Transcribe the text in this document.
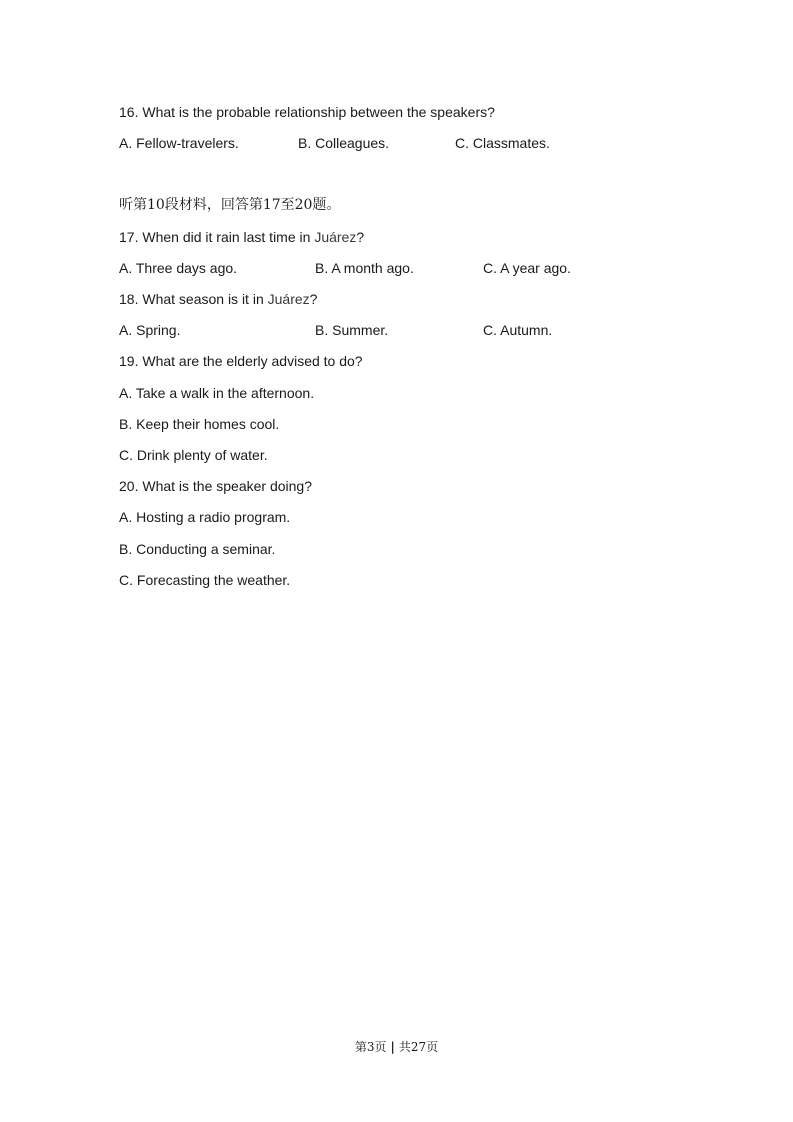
16. What is the probable relationship between the speakers?
A. Fellow-travelers.	B. Colleagues.	C. Classmates.
听第10段材料，回答第17至20题。
17. When did it rain last time in Juárez?
A. Three days ago.	B. A month ago.	C. A year ago.
18. What season is it in Juárez?
A. Spring.	B. Summer.	C. Autumn.
19. What are the elderly advised to do?
A. Take a walk in the afternoon.
B. Keep their homes cool.
C. Drink plenty of water.
20. What is the speaker doing?
A. Hosting a radio program.
B. Conducting a seminar.
C. Forecasting the weather.
第3页 | 共27页
